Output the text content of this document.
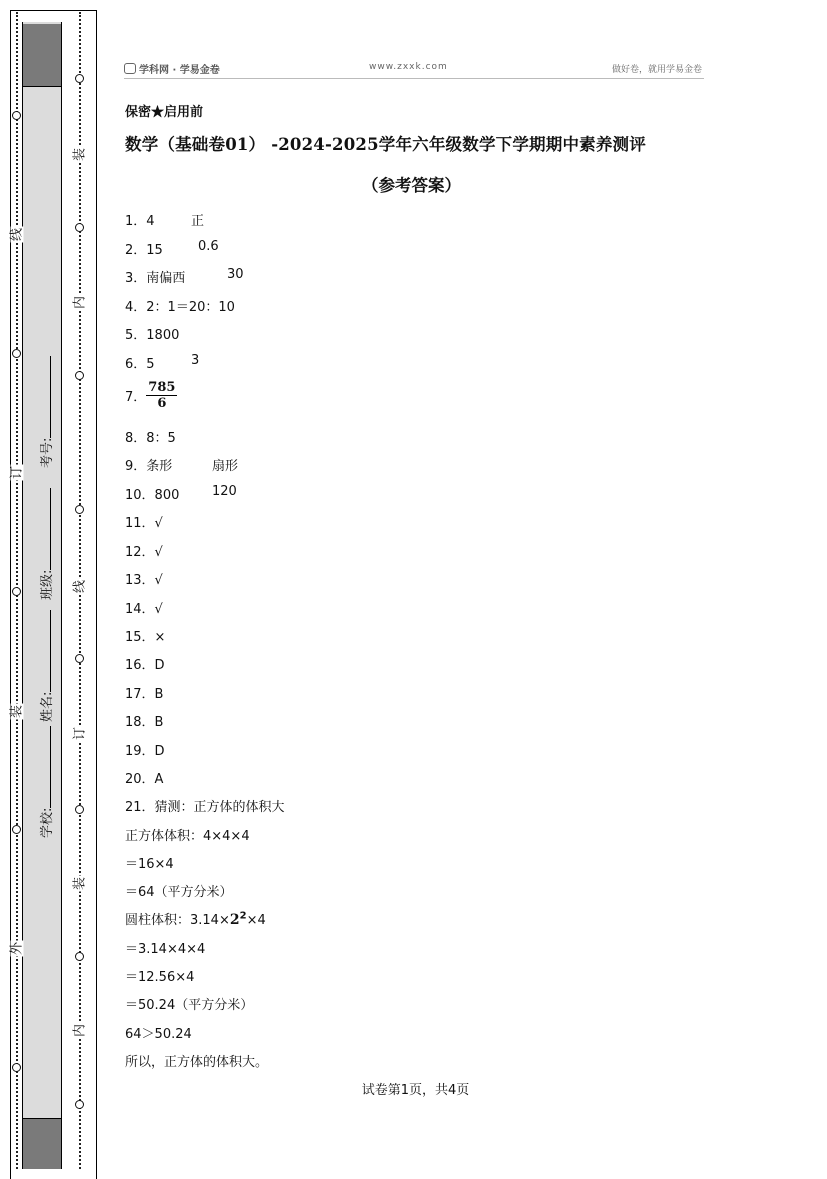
线
订
装
外
装
内
线
订
装
内
考号:
班级:
姓名:
学校:
学科网 · 学易金卷	www.zxxk.com	做好卷，就用学易金卷
保密★启用前
数学（基础卷01） -2024-2025学年六年级数学下学期期中素养测评
（参考答案）
1．4	正
2．15	0.6
3．南偏西	30
4．2：1＝20：10
5．1800
6．5	3
7． $\frac{785}{6}$
8．8：5
9．条形	扇形
10．800	120
11．√
12．√
13．√
14．√
15．×
16．D
17．B
18．B
19．D
20．A
21．猜测：正方体的体积大
正方体体积：4×4×4
＝16×4
＝64（平方分米）
圆柱体积：$3.14\times 2^2\times 4$
＝3.14×4×4
＝12.56×4
＝50.24（平方分米）
64＞50.24
所以，正方体的体积大。
试卷第1页，共4页
